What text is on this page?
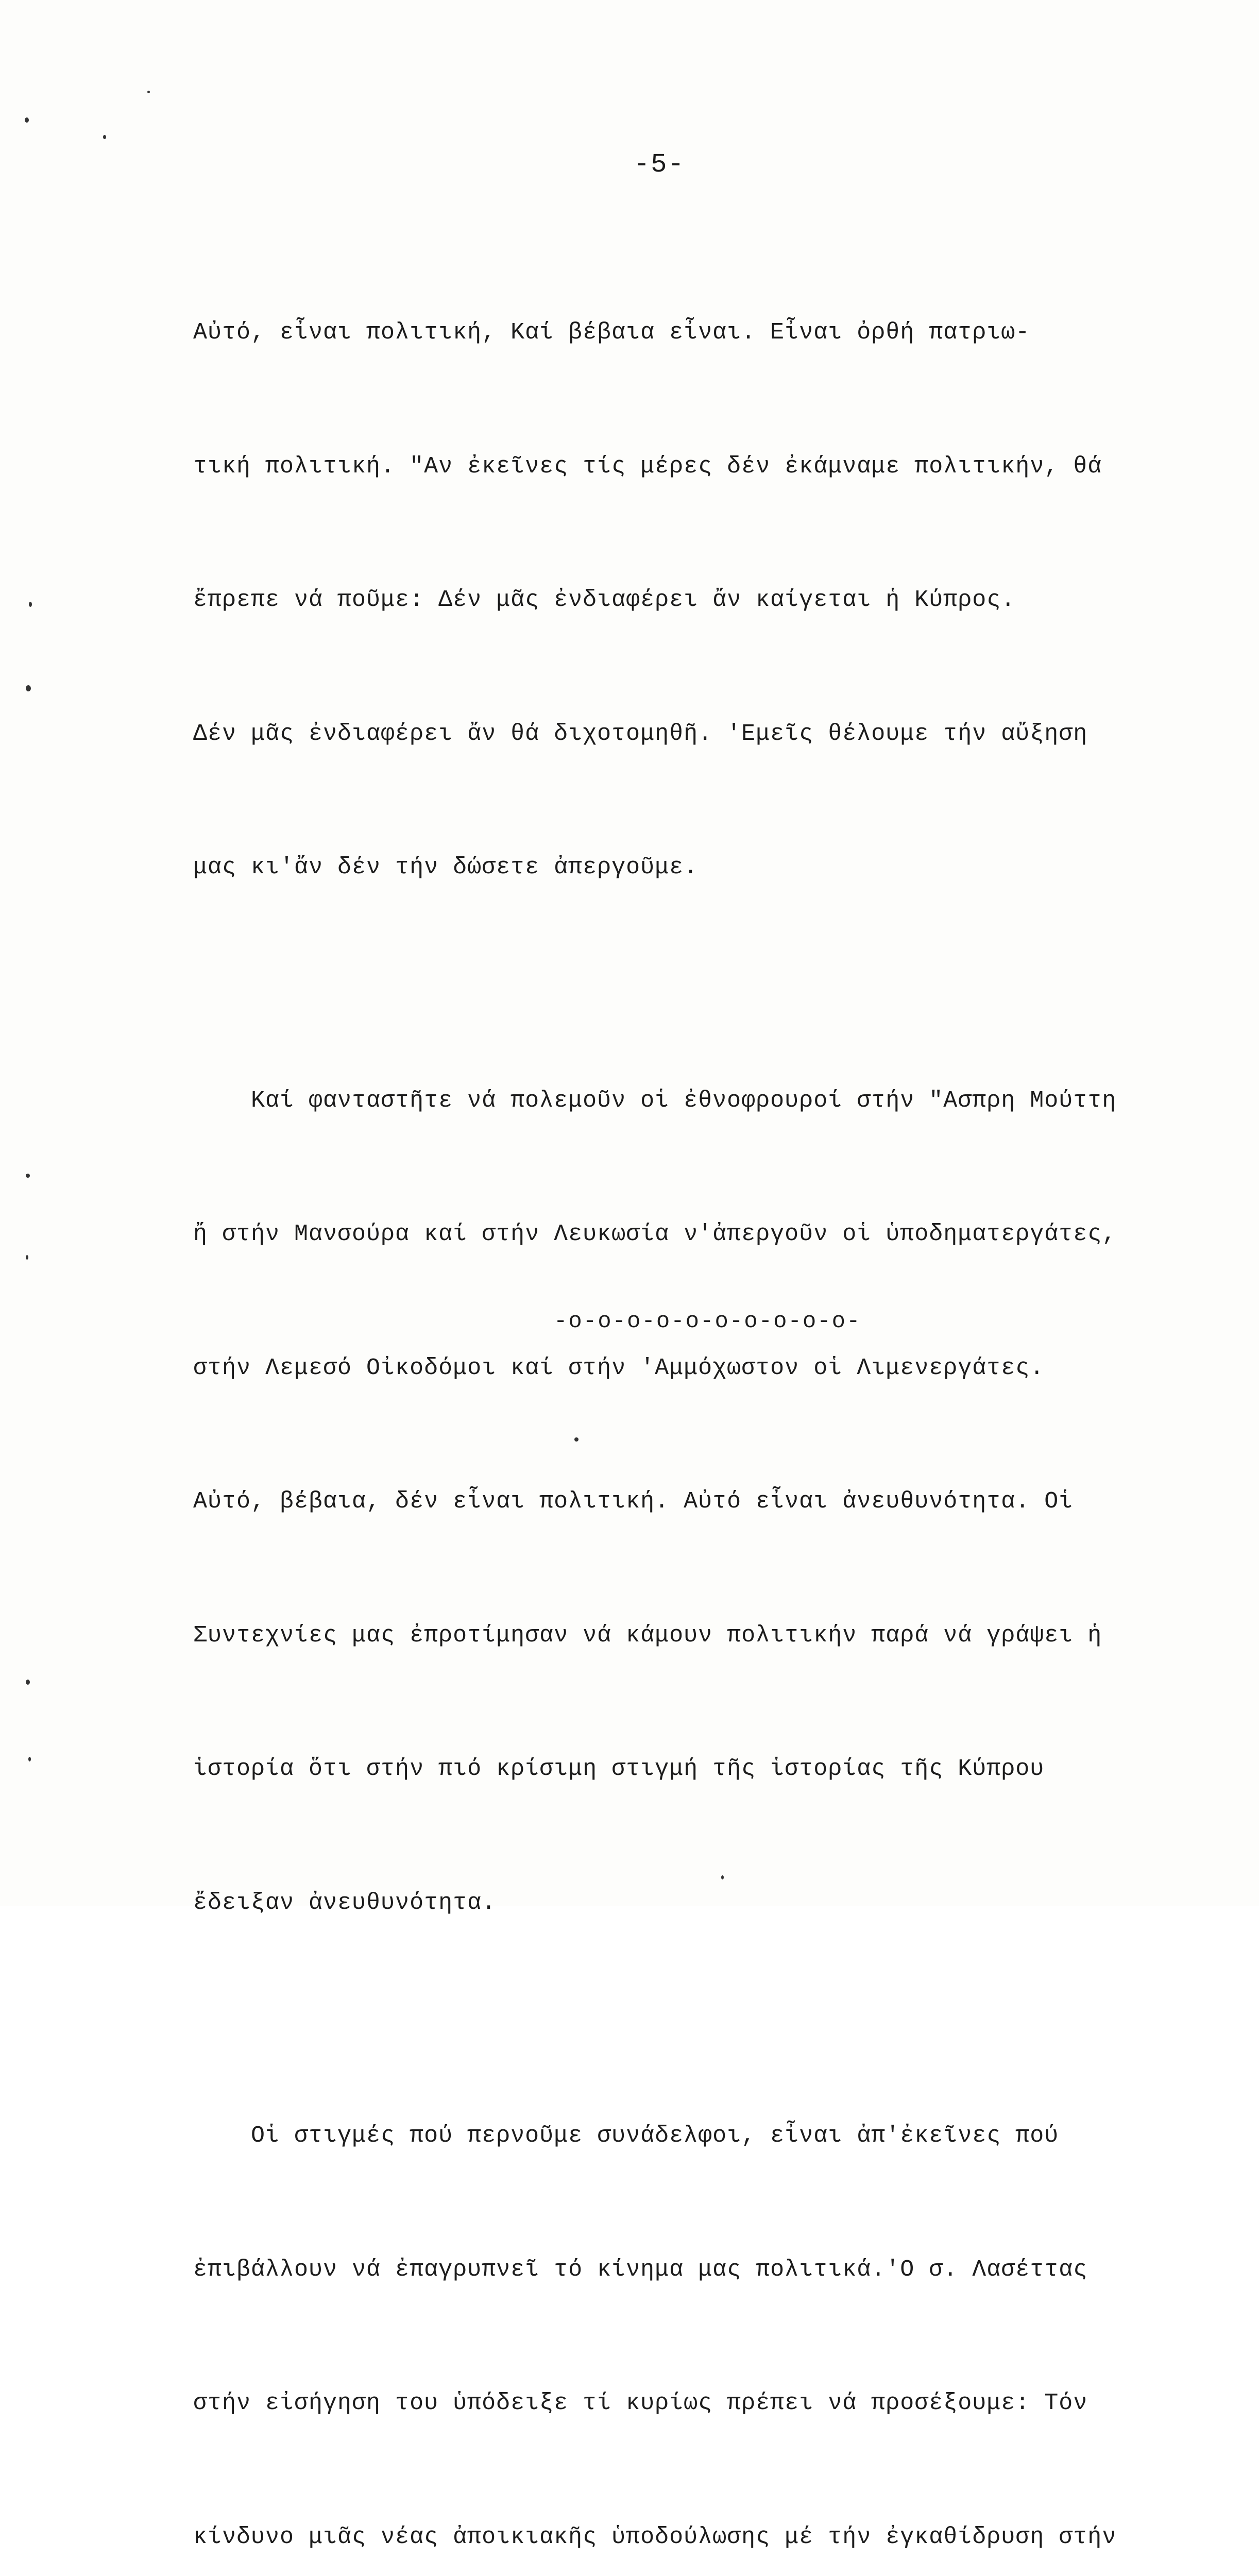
-5-

Αὐτό, εἶναι πολιτική, Καί βέβαια εἶναι. Εἶναι ὀρθή πατριω-

τική πολιτική. "Αν ἐκεῖνες τίς μέρες δέν ἐκάμναμε πολιτικήν, θά

ἔπρεπε νά ποῦμε: Δέν μᾶς ἐνδιαφέρει ἄν καίγεται ἡ Κύπρος.

Δέν μᾶς ἐνδιαφέρει ἄν θά διχοτομηθῆ. 'Εμεῖς θέλουμε τήν αὔξηση

μας κι'ἄν δέν τήν δώσετε ἀπεργοῦμε.

Καί φανταστῆτε νά πολεμοῦν οἱ ἐθνοφρουροί στήν "Ασπρη Μούττη

ἤ στήν Μανσούρα καί στήν Λευκωσία ν'ἀπεργοῦν οἱ ὑποδηματεργάτες,

στήν Λεμεσό Οἰκοδόμοι καί στήν 'Αμμόχωστον οἱ Λιμενεργάτες.

Αὐτό, βέβαια, δέν εἶναι πολιτική. Αὐτό εἶναι ἀνευθυνότητα. Οἱ

Συντεχνίες μας ἐπροτίμησαν νά κάμουν πολιτικήν παρά νά γράψει ἡ

ἱστορία ὅτι στήν πιό κρίσιμη στιγμή τῆς ἱστορίας τῆς Κύπρου

ἔδειξαν ἀνευθυνότητα.

Οἱ στιγμές πού περνοῦμε συνάδελφοι, εἶναι ἀπ'ἐκεῖνες πού

ἐπιβάλλουν νά ἐπαγρυπνεῖ τό κίνημα μας πολιτικά.'Ο σ. Λασέττας

στήν εἰσήγηση του ὑπόδειξε τί κυρίως πρέπει νά προσέξουμε: Τόν

κίνδυνο μιᾶς νέας ἀποικιακῆς ὑποδούλωσης μέ τήν ἐγκαθίδρυση στήν

-o-o-o-o-o-o-o-o-o-o-
